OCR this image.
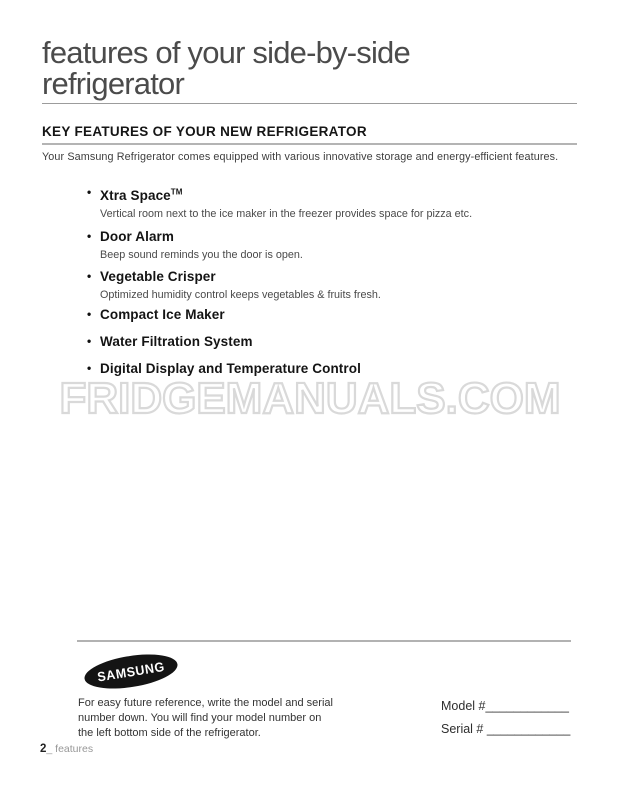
features of your side-by-side
refrigerator
KEY FEATURES OF YOUR NEW REFRIGERATOR
Your Samsung Refrigerator comes equipped with various innovative storage and energy-efficient features.
• Xtra Space™
Vertical room next to the ice maker in the freezer provides space for pizza etc.
• Door Alarm
Beep sound reminds you the door is open.
• Vegetable Crisper
Optimized humidity control keeps vegetables & fruits fresh.
• Compact Ice Maker
• Water Filtration System
• Digital Display and Temperature Control
FRIDGEMANUALS.COM
SAMSUNG
For easy future reference, write the model and serial
number down. You will find your model number on
the left bottom side of the refrigerator.
Model #____________
Serial # ____________
2_ features
